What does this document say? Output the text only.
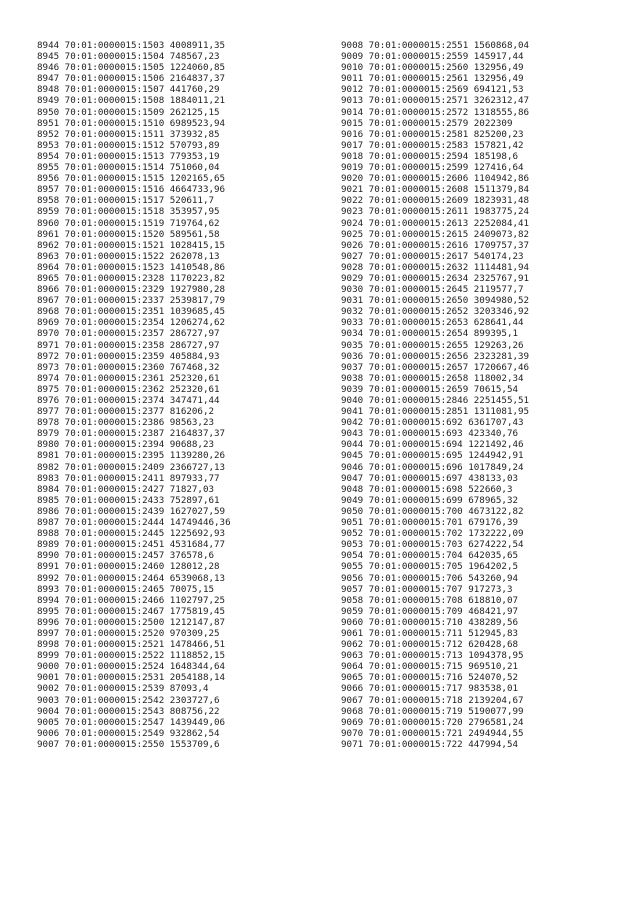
8944 70:01:0000015:1503 4008911,35
8945 70:01:0000015:1504 748567,23
8946 70:01:0000015:1505 1224060,85
8947 70:01:0000015:1506 2164837,37
8948 70:01:0000015:1507 441760,29
8949 70:01:0000015:1508 1884011,21
8950 70:01:0000015:1509 262125,15
8951 70:01:0000015:1510 6989523,94
8952 70:01:0000015:1511 373932,85
8953 70:01:0000015:1512 570793,89
8954 70:01:0000015:1513 779353,19
8955 70:01:0000015:1514 751060,04
8956 70:01:0000015:1515 1202165,65
8957 70:01:0000015:1516 4664733,96
8958 70:01:0000015:1517 520611,7
8959 70:01:0000015:1518 353957,95
8960 70:01:0000015:1519 719764,62
8961 70:01:0000015:1520 589561,58
8962 70:01:0000015:1521 1028415,15
8963 70:01:0000015:1522 262078,13
8964 70:01:0000015:1523 1410548,86
8965 70:01:0000015:2328 1170223,82
8966 70:01:0000015:2329 1927980,28
8967 70:01:0000015:2337 2539817,79
8968 70:01:0000015:2351 1039685,45
8969 70:01:0000015:2354 1206274,62
8970 70:01:0000015:2357 286727,97
8971 70:01:0000015:2358 286727,97
8972 70:01:0000015:2359 405884,93
8973 70:01:0000015:2360 767468,32
8974 70:01:0000015:2361 252320,61
8975 70:01:0000015:2362 252320,61
8976 70:01:0000015:2374 347471,44
8977 70:01:0000015:2377 816206,2
8978 70:01:0000015:2386 98563,23
8979 70:01:0000015:2387 2164837,37
8980 70:01:0000015:2394 90688,23
8981 70:01:0000015:2395 1139280,26
8982 70:01:0000015:2409 2366727,13
8983 70:01:0000015:2411 897933,77
8984 70:01:0000015:2427 71827,03
8985 70:01:0000015:2433 752897,61
8986 70:01:0000015:2439 1627027,59
8987 70:01:0000015:2444 14749446,36
8988 70:01:0000015:2445 1225692,93
8989 70:01:0000015:2451 4531684,77
8990 70:01:0000015:2457 376578,6
8991 70:01:0000015:2460 128012,28
8992 70:01:0000015:2464 6539068,13
8993 70:01:0000015:2465 70075,15
8994 70:01:0000015:2466 1102797,25
8995 70:01:0000015:2467 1775819,45
8996 70:01:0000015:2500 1212147,87
8997 70:01:0000015:2520 970309,25
8998 70:01:0000015:2521 1478466,51
8999 70:01:0000015:2522 1118852,15
9000 70:01:0000015:2524 1648344,64
9001 70:01:0000015:2531 2054188,14
9002 70:01:0000015:2539 87093,4
9003 70:01:0000015:2542 2303727,6
9004 70:01:0000015:2543 808756,22
9005 70:01:0000015:2547 1439449,06
9006 70:01:0000015:2549 932862,54
9007 70:01:0000015:2550 1553709,6
9008 70:01:0000015:2551 1560868,04
9009 70:01:0000015:2559 145917,44
9010 70:01:0000015:2560 132956,49
9011 70:01:0000015:2561 132956,49
9012 70:01:0000015:2569 694121,53
9013 70:01:0000015:2571 3262312,47
9014 70:01:0000015:2572 1318555,86
9015 70:01:0000015:2579 2022309
9016 70:01:0000015:2581 825200,23
9017 70:01:0000015:2583 157821,42
9018 70:01:0000015:2594 185198,6
9019 70:01:0000015:2599 127416,64
9020 70:01:0000015:2606 1104942,86
9021 70:01:0000015:2608 1511379,84
9022 70:01:0000015:2609 1823931,48
9023 70:01:0000015:2611 1983775,24
9024 70:01:0000015:2613 2252084,41
9025 70:01:0000015:2615 2409073,82
9026 70:01:0000015:2616 1709757,37
9027 70:01:0000015:2617 540174,23
9028 70:01:0000015:2632 1114481,94
9029 70:01:0000015:2634 2325767,91
9030 70:01:0000015:2645 2119577,7
9031 70:01:0000015:2650 3094980,52
9032 70:01:0000015:2652 3203346,92
9033 70:01:0000015:2653 628641,44
9034 70:01:0000015:2654 899395,1
9035 70:01:0000015:2655 129263,26
9036 70:01:0000015:2656 2323281,39
9037 70:01:0000015:2657 1720667,46
9038 70:01:0000015:2658 118002,34
9039 70:01:0000015:2659 70615,54
9040 70:01:0000015:2846 2251455,51
9041 70:01:0000015:2851 1311081,95
9042 70:01:0000015:692 6361707,43
9043 70:01:0000015:693 423340,76
9044 70:01:0000015:694 1221492,46
9045 70:01:0000015:695 1244942,91
9046 70:01:0000015:696 1017849,24
9047 70:01:0000015:697 438133,03
9048 70:01:0000015:698 522660,3
9049 70:01:0000015:699 678965,32
9050 70:01:0000015:700 4673122,82
9051 70:01:0000015:701 679176,39
9052 70:01:0000015:702 1732222,09
9053 70:01:0000015:703 6274222,54
9054 70:01:0000015:704 642035,65
9055 70:01:0000015:705 1964202,5
9056 70:01:0000015:706 543260,94
9057 70:01:0000015:707 917273,3
9058 70:01:0000015:708 618810,07
9059 70:01:0000015:709 468421,97
9060 70:01:0000015:710 438289,56
9061 70:01:0000015:711 512945,83
9062 70:01:0000015:712 620428,68
9063 70:01:0000015:713 1094378,95
9064 70:01:0000015:715 969510,21
9065 70:01:0000015:716 524070,52
9066 70:01:0000015:717 983538,01
9067 70:01:0000015:718 2139204,67
9068 70:01:0000015:719 5190077,99
9069 70:01:0000015:720 2796581,24
9070 70:01:0000015:721 2494944,55
9071 70:01:0000015:722 447994,54
